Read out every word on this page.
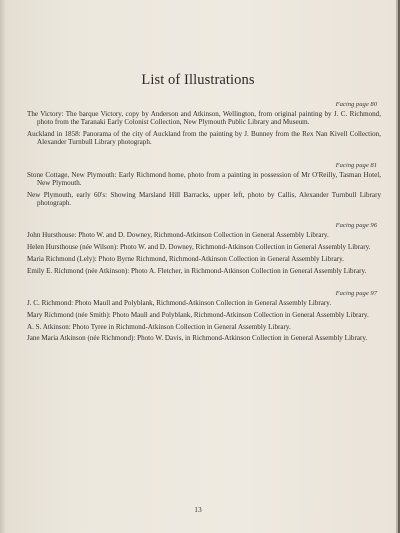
List of Illustrations
Facing page 80
The Victory: The barque Victory, copy by Anderson and Atkinson, Wellington, from original painting by J. C. Richmond, photo from the Taranaki Early Colonist Collection, New Plymouth Public Library and Museum.
Auckland in 1858: Panorama of the city of Auckland from the painting by J. Bunney from the Rex Nan Kivell Collection, Alexander Turnbull Library photograph.
Facing page 81
Stone Cottage, New Plymouth: Early Richmond home, photo from a painting in possession of Mr O'Reilly, Tasman Hotel, New Plymouth.
New Plymouth, early 60's: Showing Marsland Hill Barracks, upper left, photo by Callis, Alexander Turnbull Library photograph.
Facing page 96
John Hursthouse: Photo W. and D. Downey, Richmond-Atkinson Collection in General Assembly Library.
Helen Hursthouse (née Wilson): Photo W. and D. Downey, Richmond-Atkinson Collection in General Assembly Library.
Maria Richmond (Lely): Photo Byrne Richmond, Richmond-Atkinson Collection in General Assembly Library.
Emily E. Richmond (née Atkinson): Photo A. Fletcher, in Richmond-Atkinson Collection in General Assembly Library.
Facing page 97
J. C. Richmond: Photo Maull and Polyblank, Richmond-Atkinson Collection in General Assembly Library.
Mary Richmond (née Smith): Photo Maull and Polyblank, Richmond-Atkinson Collection in General Assembly Library.
A. S. Atkinson: Photo Tyree in Richmond-Atkinson Collection in General Assembly Library.
Jane Maria Atkinson (née Richmond): Photo W. Davis, in Richmond-Atkinson Collection in General Assembly Library.
13
